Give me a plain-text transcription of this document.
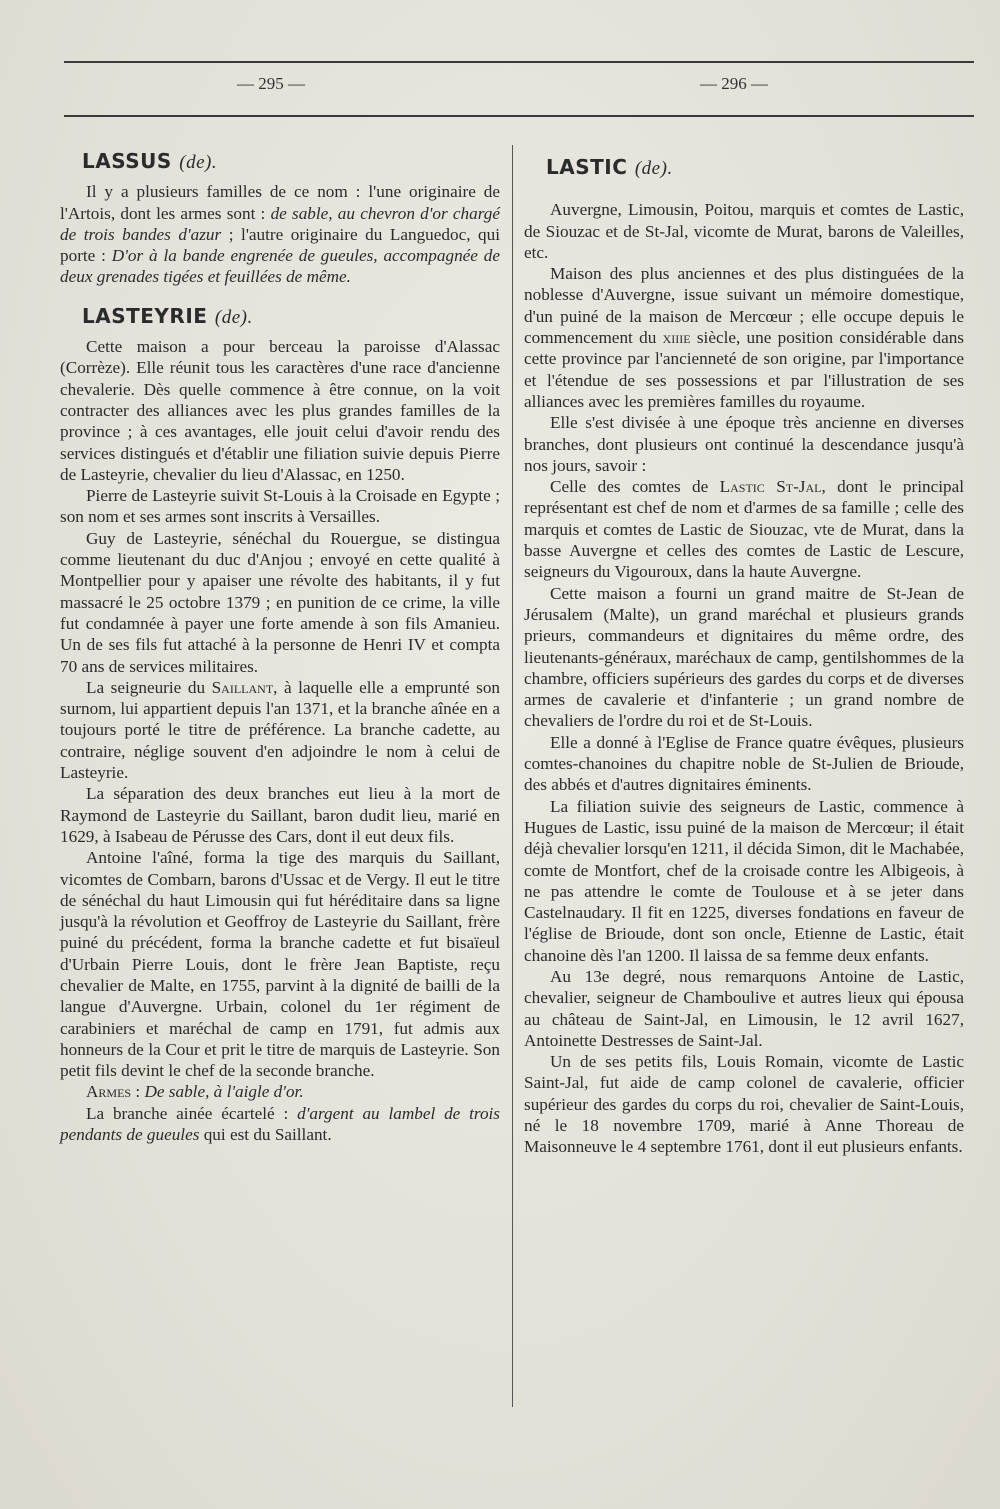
— 295 —	— 296 —
LASSUS (de).

Il y a plusieurs familles de ce nom : l'une originaire de l'Artois, dont les armes sont : de sable, au chevron d'or chargé de trois bandes d'azur ; l'autre originaire du Languedoc, qui porte : D'or à la bande engrenée de gueules, accompagnée de deux grenades tigées et feuillées de même.

LASTEYRIE (de).

Cette maison a pour berceau la paroisse d'Alassac (Corrèze). Elle réunit tous les caractères d'une race d'ancienne chevalerie. Dès quelle commence à être connue, on la voit contracter des alliances avec les plus grandes familles de la province ; à ces avantages, elle jouit celui d'avoir rendu des services distingués et d'établir une filiation suivie depuis Pierre de Lasteyrie, chevalier du lieu d'Alassac, en 1250.

Pierre de Lasteyrie suivit St-Louis à la Croisade en Egypte ; son nom et ses armes sont inscrits à Versailles.

Guy de Lasteyrie, sénéchal du Rouergue, se distingua comme lieutenant du duc d'Anjou ; envoyé en cette qualité à Montpellier pour y apaiser une révolte des habitants, il y fut massacré le 25 octobre 1379 ; en punition de ce crime, la ville fut condamnée à payer une forte amende à son fils Amanieu. Un de ses fils fut attaché à la personne de Henri IV et compta 70 ans de services militaires.

La seigneurie du Saillant, à laquelle elle a emprunté son surnom, lui appartient depuis l'an 1371, et la branche aînée en a toujours porté le titre de préférence. La branche cadette, au contraire, néglige souvent d'en adjoindre le nom à celui de Lasteyrie.

La séparation des deux branches eut lieu à la mort de Raymond de Lasteyrie du Saillant, baron dudit lieu, marié en 1629, à Isabeau de Pérusse des Cars, dont il eut deux fils.

Antoine l'aîné, forma la tige des marquis du Saillant, vicomtes de Combarn, barons d'Ussac et de Vergy. Il eut le titre de sénéchal du haut Limousin qui fut héréditaire dans sa ligne jusqu'à la révolution et Geoffroy de Lasteyrie du Saillant, frère puiné du précédent, forma la branche cadette et fut bisaïeul d'Urbain Pierre Louis, dont le frère Jean Baptiste, reçu chevalier de Malte, en 1755, parvint à la dignité de bailli de la langue d'Auvergne. Urbain, colonel du 1er régiment de carabiniers et maréchal de camp en 1791, fut admis aux honneurs de la Cour et prit le titre de marquis de Lasteyrie. Son petit fils devint le chef de la seconde branche.

Armes : De sable, à l'aigle d'or.

La branche ainée écartelé : d'argent au lambel de trois pendants de gueules qui est du Saillant.

LASTIC (de).

Auvergne, Limousin, Poitou, marquis et comtes de Lastic, de Siouzac et de St-Jal, vicomte de Murat, barons de Valeilles, etc.

Maison des plus anciennes et des plus distinguées de la noblesse d'Auvergne, issue suivant un mémoire domestique, d'un puiné de la maison de Mercœur ; elle occupe depuis le commencement du xiiie siècle, une position considérable dans cette province par l'ancienneté de son origine, par l'importance et l'étendue de ses possessions et par l'illustration de ses alliances avec les premières familles du royaume.

Elle s'est divisée à une époque très ancienne en diverses branches, dont plusieurs ont continué la descendance jusqu'à nos jours, savoir :

Celle des comtes de Lastic St-Jal, dont le principal représentant est chef de nom et d'armes de sa famille ; celle des marquis et comtes de Lastic de Siouzac, vte de Murat, dans la basse Auvergne et celles des comtes de Lastic de Lescure, seigneurs du Vigouroux, dans la haute Auvergne.

Cette maison a fourni un grand maitre de St-Jean de Jérusalem (Malte), un grand maréchal et plusieurs grands prieurs, commandeurs et dignitaires du même ordre, des lieutenants-généraux, maréchaux de camp, gentilshommes de la chambre, officiers supérieurs des gardes du corps et de diverses armes de cavalerie et d'infanterie ; un grand nombre de chevaliers de l'ordre du roi et de St-Louis.

Elle a donné à l'Eglise de France quatre évêques, plusieurs comtes-chanoines du chapitre noble de St-Julien de Brioude, des abbés et d'autres dignitaires éminents.

La filiation suivie des seigneurs de Lastic, commence à Hugues de Lastic, issu puiné de la maison de Mercœur; il était déjà chevalier lorsqu'en 1211, il décida Simon, dit le Machabée, comte de Montfort, chef de la croisade contre les Albigeois, à ne pas attendre le comte de Toulouse et à se jeter dans Castelnaudary. Il fit en 1225, diverses fondations en faveur de l'église de Brioude, dont son oncle, Etienne de Lastic, était chanoine dès l'an 1200. Il laissa de sa femme deux enfants.

Au 13e degré, nous remarquons Antoine de Lastic, chevalier, seigneur de Chamboulive et autres lieux qui épousa au château de Saint-Jal, en Limousin, le 12 avril 1627, Antoinette Destresses de Saint-Jal.

Un de ses petits fils, Louis Romain, vicomte de Lastic Saint-Jal, fut aide de camp colonel de cavalerie, officier supérieur des gardes du corps du roi, chevalier de Saint-Louis, né le 18 novembre 1709, marié à Anne Thoreau de Maisonneuve le 4 septembre 1761, dont il eut plusieurs enfants.
